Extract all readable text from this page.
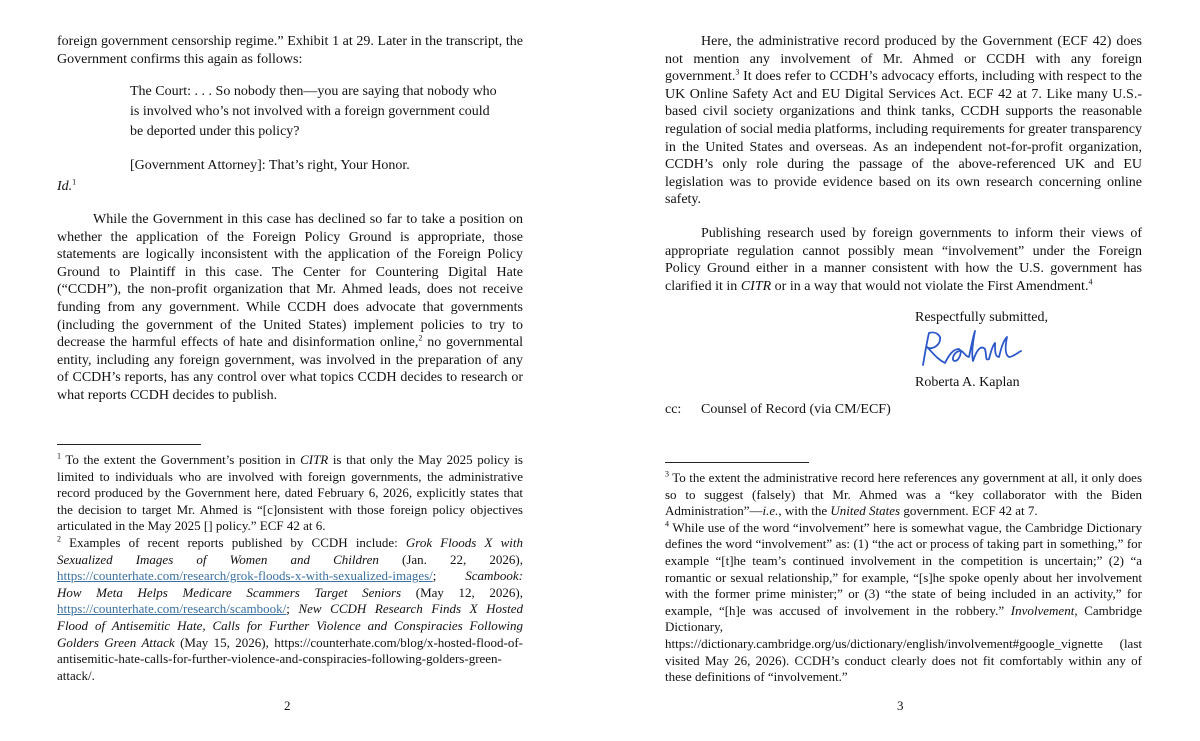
foreign government censorship regime.” Exhibit 1 at 29. Later in the transcript, the Government confirms this again as follows:

The Court: . . . So nobody then—you are saying that nobody who is involved who’s not involved with a foreign government could be deported under this policy?

[Government Attorney]: That’s right, Your Honor.

Id.$^1$

While the Government in this case has declined so far to take a position on whether the application of the Foreign Policy Ground is appropriate, those statements are logically inconsistent with the application of the Foreign Policy Ground to Plaintiff in this case. The Center for Countering Digital Hate (“CCDH”), the non-profit organization that Mr. Ahmed leads, does not receive funding from any government. While CCDH does advocate that governments (including the government of the United States) implement policies to try to decrease the harmful effects of hate and disinformation online,$^2$ no governmental entity, including any foreign government, was involved in the preparation of any of CCDH’s reports, has any control over what topics CCDH decides to research or what reports CCDH decides to publish.

$^1$ To the extent the Government’s position in CITR is that only the May 2025 policy is limited to individuals who are involved with foreign governments, the administrative record produced by the Government here, dated February 6, 2026, explicitly states that the decision to target Mr. Ahmed is “[c]onsistent with those foreign policy objectives articulated in the May 2025 [] policy.” ECF 42 at 6.

$^2$ Examples of recent reports published by CCDH include: Grok Floods X with Sexualized Images of Women and Children (Jan. 22, 2026), https://counterhate.com/research/grok-floods-x-with-sexualized-images/; Scambook: How Meta Helps Medicare Scammers Target Seniors (May 12, 2026), https://counterhate.com/research/scambook/; New CCDH Research Finds X Hosted Flood of Antisemitic Hate, Calls for Further Violence and Conspiracies Following Golders Green Attack (May 15, 2026), https://counterhate.com/blog/x-hosted-flood-of-antisemitic-hate-calls-for-further-violence-and-conspiracies-following-golders-green-attack/.

2

Here, the administrative record produced by the Government (ECF 42) does not mention any involvement of Mr. Ahmed or CCDH with any foreign government.$^3$ It does refer to CCDH’s advocacy efforts, including with respect to the UK Online Safety Act and EU Digital Services Act. ECF 42 at 7. Like many U.S.-based civil society organizations and think tanks, CCDH supports the reasonable regulation of social media platforms, including requirements for greater transparency in the United States and overseas. As an independent not-for-profit organization, CCDH’s only role during the passage of the above-referenced UK and EU legislation was to provide evidence based on its own research concerning online safety.

Publishing research used by foreign governments to inform their views of appropriate regulation cannot possibly mean “involvement” under the Foreign Policy Ground either in a manner consistent with how the U.S. government has clarified it in CITR or in a way that would not violate the First Amendment.$^4$

Respectfully submitted,
Roberta A. Kaplan
cc: Counsel of Record (via CM/ECF)

$^3$ To the extent the administrative record here references any government at all, it only does so to suggest (falsely) that Mr. Ahmed was a “key collaborator with the Biden Administration”—i.e., with the United States government. ECF 42 at 7.

$^4$ While use of the word “involvement” here is somewhat vague, the Cambridge Dictionary defines the word “involvement” as: (1) “the act or process of taking part in something,” for example “[t]he team’s continued involvement in the competition is uncertain;” (2) “a romantic or sexual relationship,” for example, “[s]he spoke openly about her involvement with the former prime minister;” or (3) “the state of being included in an activity,” for example, “[h]e was accused of involvement in the robbery.” Involvement, Cambridge Dictionary, https://dictionary.cambridge.org/us/dictionary/english/involvement#google_vignette (last visited May 26, 2026). CCDH’s conduct clearly does not fit comfortably within any of these definitions of “involvement.”

3
